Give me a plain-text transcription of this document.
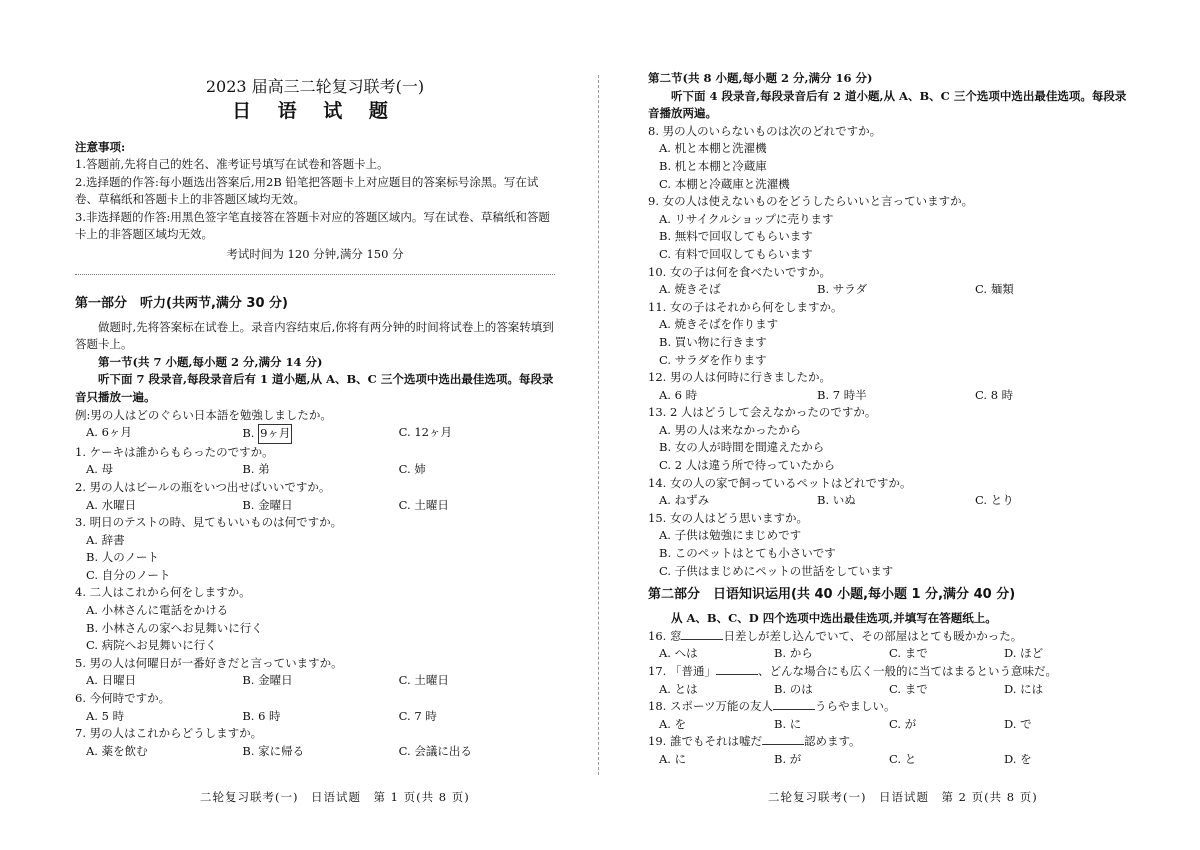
2023 届高三二轮复习联考(一)
日 语 试 题
注意事项:
1.答题前,先将自己的姓名、准考证号填写在试卷和答题卡上。
2.选择题的作答:每小题选出答案后,用2B 铅笔把答题卡上对应题目的答案标号涂黑。写在试卷、草稿纸和答题卡上的非答题区域均无效。
3.非选择题的作答:用黑色签字笔直接答在答题卡对应的答题区域内。写在试卷、草稿纸和答题卡上的非答题区域均无效。
考试时间为 120 分钟,满分 150 分
第一部分　听力(共两节,满分 30 分)
做题时,先将答案标在试卷上。录音内容结束后,你将有两分钟的时间将试卷上的答案转填到答题卡上。
第一节(共 7 小题,每小题 2 分,满分 14 分)
听下面 7 段录音,每段录音后有 1 道小题,从 A、B、C 三个选项中选出最佳选项。每段录音只播放一遍。
例:男の人はどのぐらい日本語を勉強しましたか。
A. 6ヶ月	B. 9ヶ月	C. 12ヶ月
1. ケーキは誰からもらったのですか。
A. 母	B. 弟	C. 姉
2. 男の人はビールの瓶をいつ出せばいいですか。
A. 水曜日	B. 金曜日	C. 土曜日
3. 明日のテストの時、見てもいいものは何ですか。
A. 辞書
B. 人のノート
C. 自分のノート
4. 二人はこれから何をしますか。
A. 小林さんに電話をかける
B. 小林さんの家へお見舞いに行く
C. 病院へお見舞いに行く
5. 男の人は何曜日が一番好きだと言っていますか。
A. 日曜日	B. 金曜日	C. 土曜日
6. 今何時ですか。
A. 5 時	B. 6 時	C. 7 時
7. 男の人はこれからどうしますか。
A. 薬を飲む	B. 家に帰る	C. 会議に出る
二轮复习联考(一)　日语试题　第 1 页(共 8 页)
第二节(共 8 小题,每小题 2 分,满分 16 分)
听下面 4 段录音,每段录音后有 2 道小题,从 A、B、C 三个选项中选出最佳选项。每段录音播放两遍。
8. 男の人のいらないものは次のどれですか。
A. 机と本棚と洗濯機
B. 机と本棚と冷蔵庫
C. 本棚と冷蔵庫と洗濯機
9. 女の人は使えないものをどうしたらいいと言っていますか。
A. リサイクルショップに売ります
B. 無料で回収してもらいます
C. 有料で回収してもらいます
10. 女の子は何を食べたいですか。
A. 焼きそば	B. サラダ	C. 麺類
11. 女の子はそれから何をしますか。
A. 焼きそばを作ります
B. 買い物に行きます
C. サラダを作ります
12. 男の人は何時に行きましたか。
A. 6 時	B. 7 時半	C. 8 時
13. 2 人はどうして会えなかったのですか。
A. 男の人は来なかったから
B. 女の人が時間を間違えたから
C. 2 人は違う所で待っていたから
14. 女の人の家で飼っているペットはどれですか。
A. ねずみ	B. いぬ	C. とり
15. 女の人はどう思いますか。
A. 子供は勉強にまじめです
B. このペットはとても小さいです
C. 子供はまじめにペットの世話をしています
第二部分　日语知识运用(共 40 小题,每小题 1 分,满分 40 分)
从 A、B、C、D 四个选项中选出最佳选项,并填写在答题纸上。
16. 窓	日差しが差し込んでいて、その部屋はとても暖かかった。
A. へは	B. から	C. まで	D. ほど
17. 「普通」	、どんな場合にも広く一般的に当てはまるという意味だ。
A. とは	B. のは	C. まで	D. には
18. スポーツ万能の友人	うらやましい。
A. を	B. に	C. が	D. で
19. 誰でもそれは嘘だ	認めます。
A. に	B. が	C. と	D. を
二轮复习联考(一)　日语试题　第 2 页(共 8 页)
